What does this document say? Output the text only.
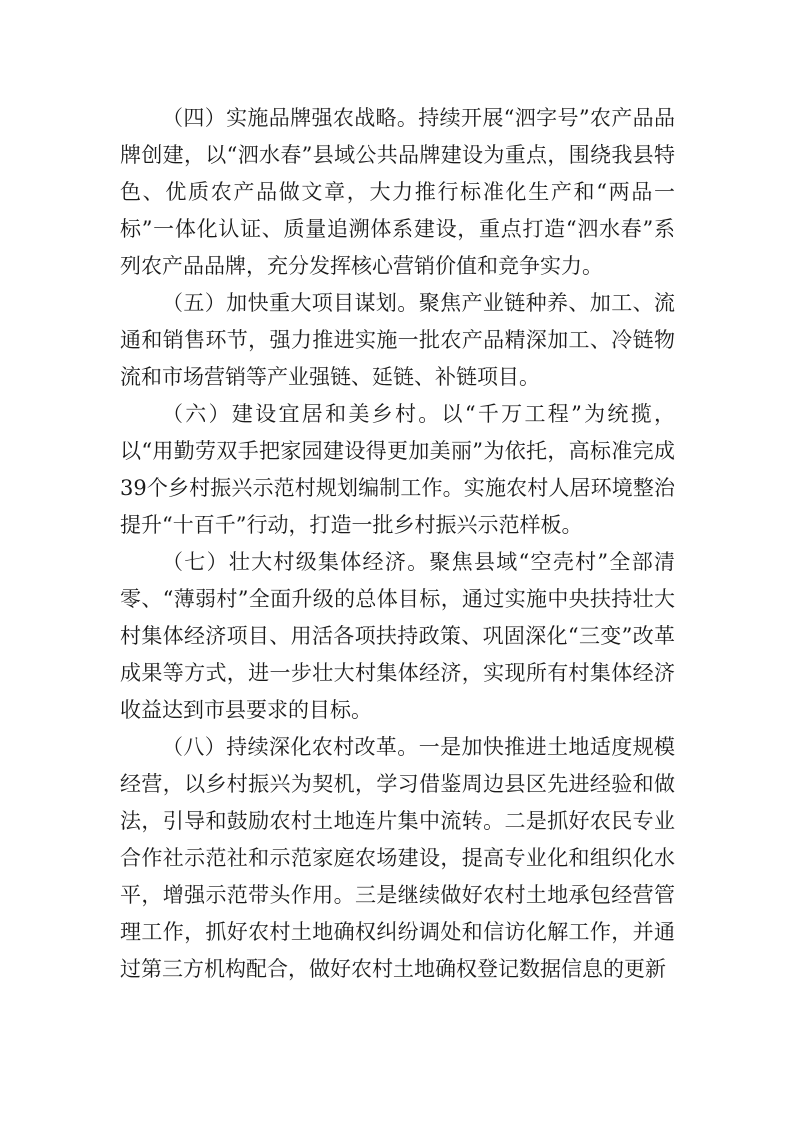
（四）实施品牌强农战略。持续开展“泗字号”农产品品牌创建，以“泗水春”县域公共品牌建设为重点，围绕我县特色、优质农产品做文章，大力推行标准化生产和“两品一标”一体化认证、质量追溯体系建设，重点打造“泗水春”系列农产品品牌，充分发挥核心营销价值和竞争实力。

（五）加快重大项目谋划。聚焦产业链种养、加工、流通和销售环节，强力推进实施一批农产品精深加工、冷链物流和市场营销等产业强链、延链、补链项目。

（六）建设宜居和美乡村。以“千万工程”为统揽，以“用勤劳双手把家园建设得更加美丽”为依托，高标准完成39个乡村振兴示范村规划编制工作。实施农村人居环境整治提升“十百千”行动，打造一批乡村振兴示范样板。

（七）壮大村级集体经济。聚焦县域“空壳村”全部清零、“薄弱村”全面升级的总体目标，通过实施中央扶持壮大村集体经济项目、用活各项扶持政策、巩固深化“三变”改革成果等方式，进一步壮大村集体经济，实现所有村集体经济收益达到市县要求的目标。

（八）持续深化农村改革。一是加快推进土地适度规模经营，以乡村振兴为契机，学习借鉴周边县区先进经验和做法，引导和鼓励农村土地连片集中流转。二是抓好农民专业合作社示范社和示范家庭农场建设，提高专业化和组织化水平，增强示范带头作用。三是继续做好农村土地承包经营管理工作，抓好农村土地确权纠纷调处和信访化解工作，并通过第三方机构配合，做好农村土地确权登记数据信息的更新
